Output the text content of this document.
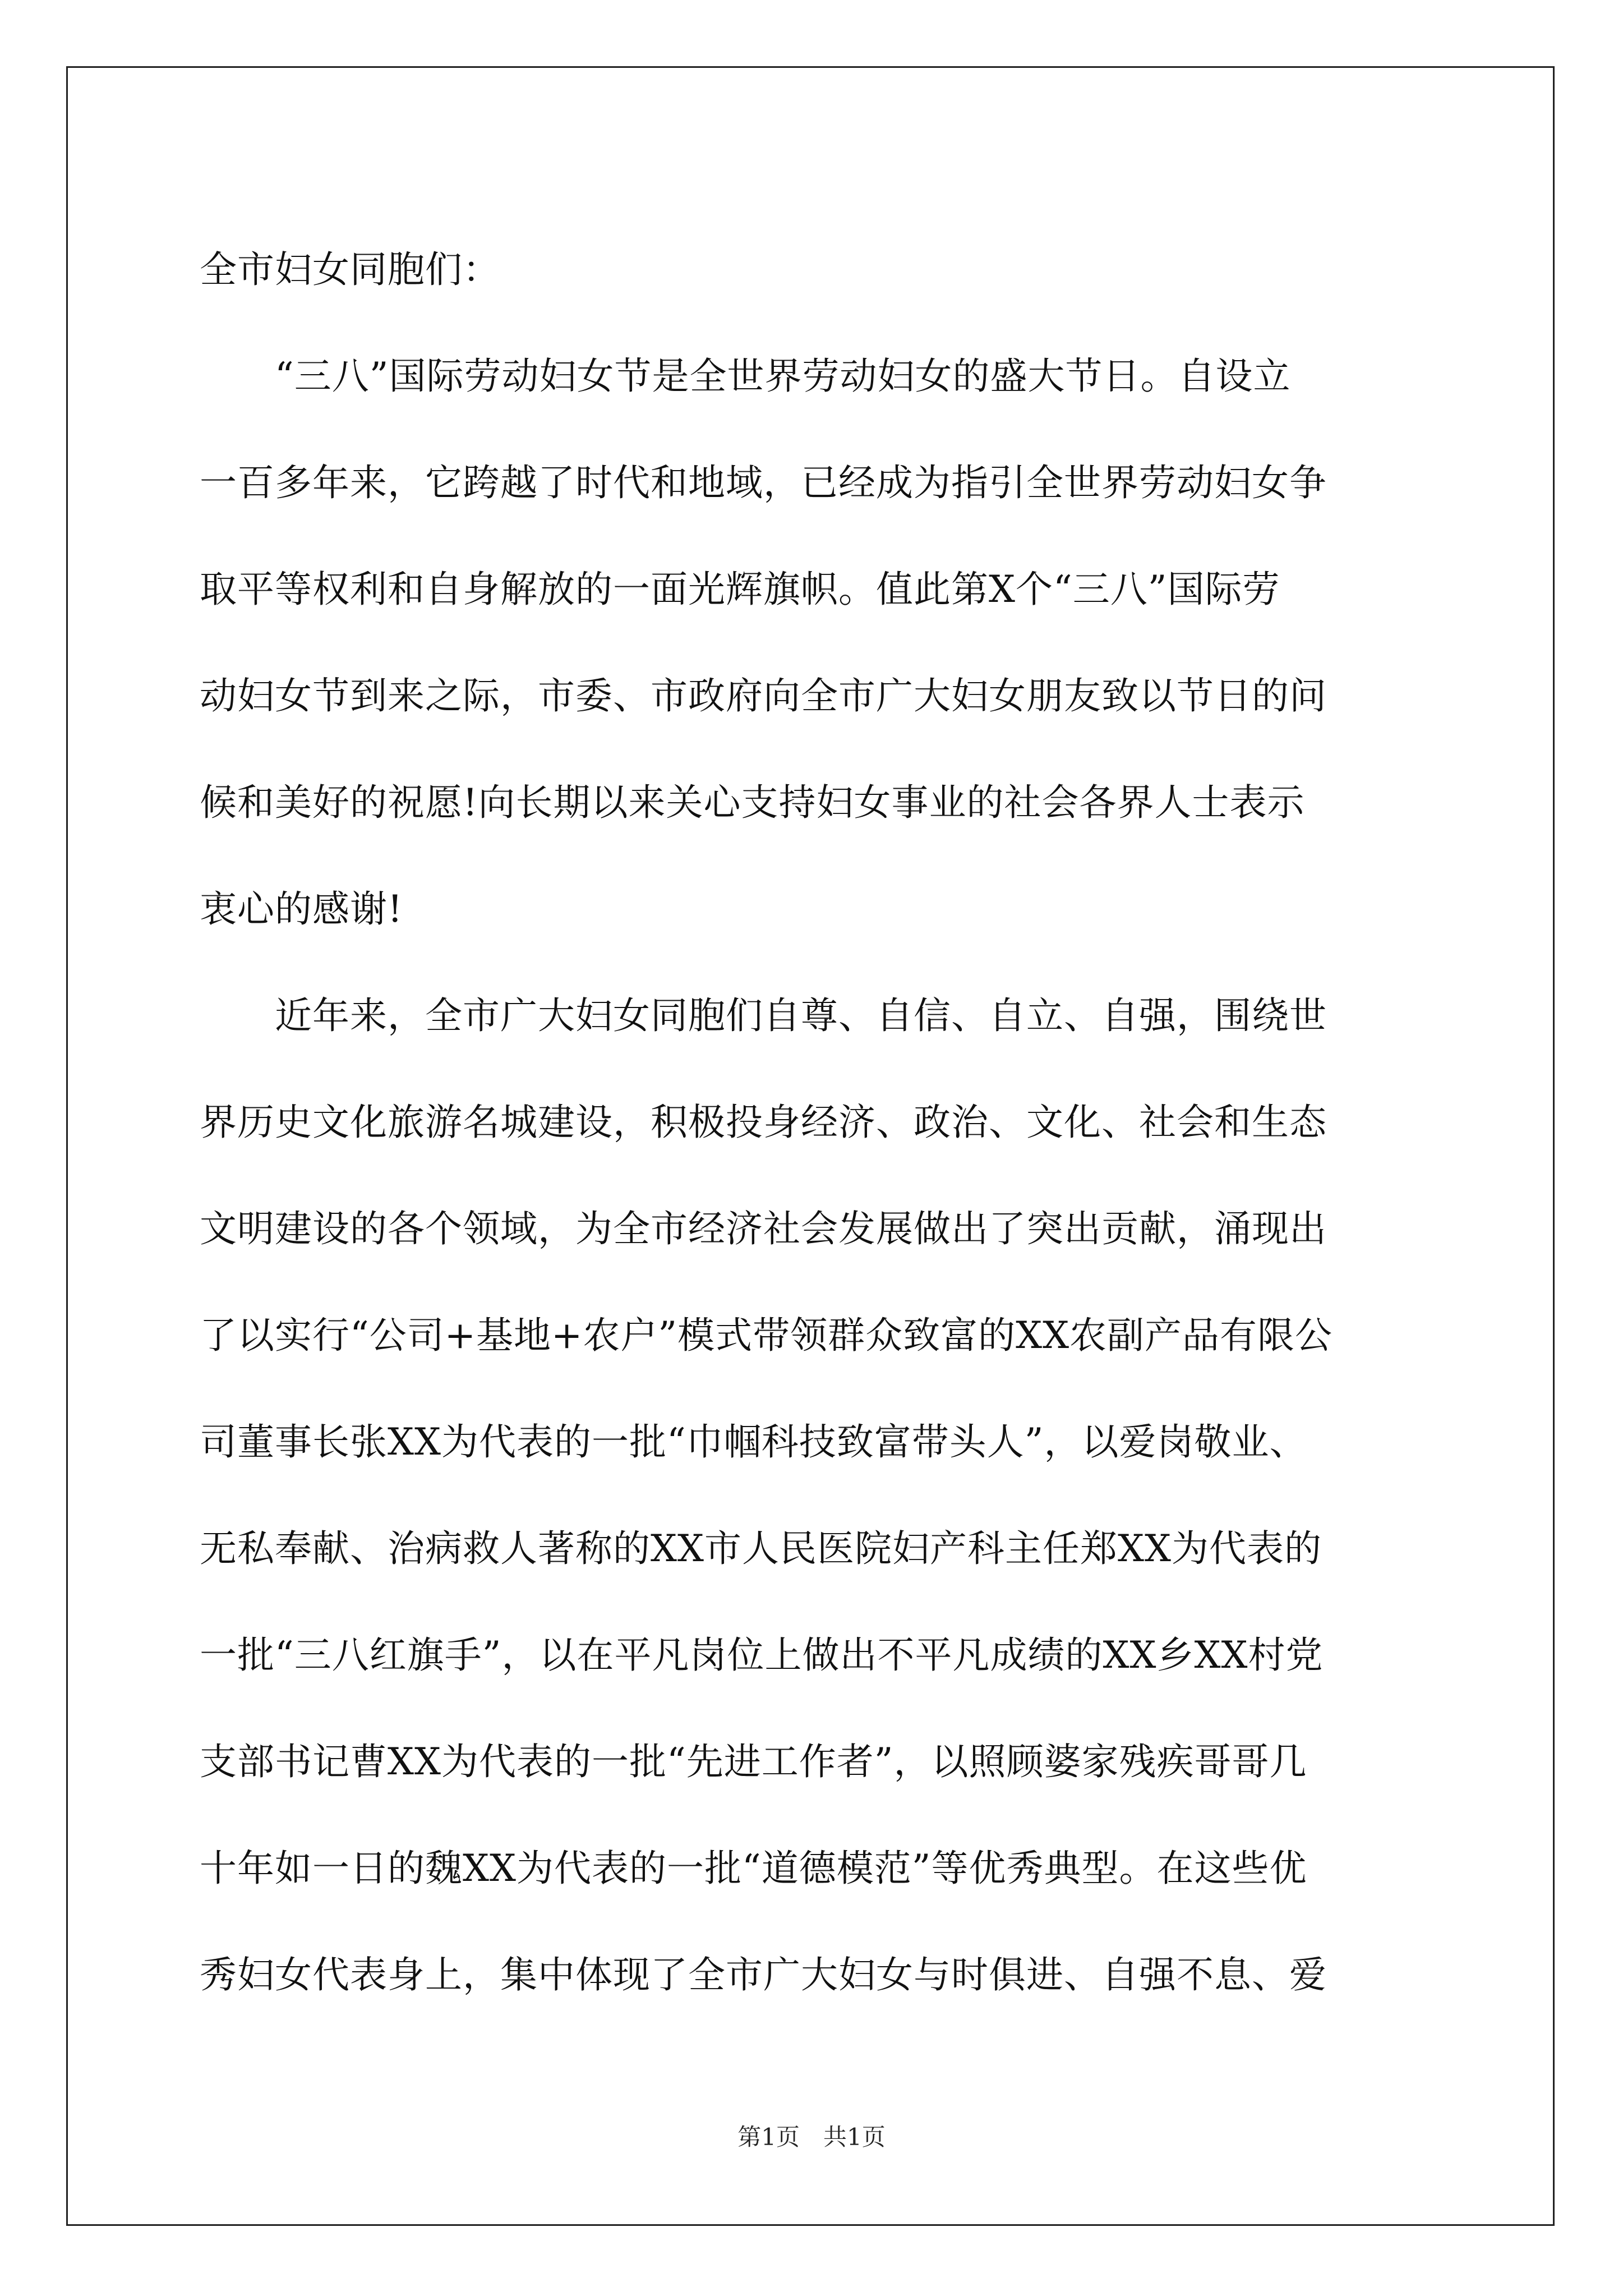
全市妇女同胞们：
　　“三八”国际劳动妇女节是全世界劳动妇女的盛大节日。自设立
一百多年来，它跨越了时代和地域，已经成为指引全世界劳动妇女争
取平等权利和自身解放的一面光辉旗帜。值此第X个“三八”国际劳
动妇女节到来之际，市委、市政府向全市广大妇女朋友致以节日的问
候和美好的祝愿!向长期以来关心支持妇女事业的社会各界人士表示
衷心的感谢!
　　近年来，全市广大妇女同胞们自尊、自信、自立、自强，围绕世
界历史文化旅游名城建设，积极投身经济、政治、文化、社会和生态
文明建设的各个领域，为全市经济社会发展做出了突出贡献，涌现出
了以实行“公司+基地+农户”模式带领群众致富的XX农副产品有限公
司董事长张XX为代表的一批“巾帼科技致富带头人”，以爱岗敬业、
无私奉献、治病救人著称的XX市人民医院妇产科主任郑XX为代表的
一批“三八红旗手”，以在平凡岗位上做出不平凡成绩的XX乡XX村党
支部书记曹XX为代表的一批“先进工作者”，以照顾婆家残疾哥哥几
十年如一日的魏XX为代表的一批“道德模范”等优秀典型。在这些优
秀妇女代表身上，集中体现了全市广大妇女与时俱进、自强不息、爱
第1页　共1页
